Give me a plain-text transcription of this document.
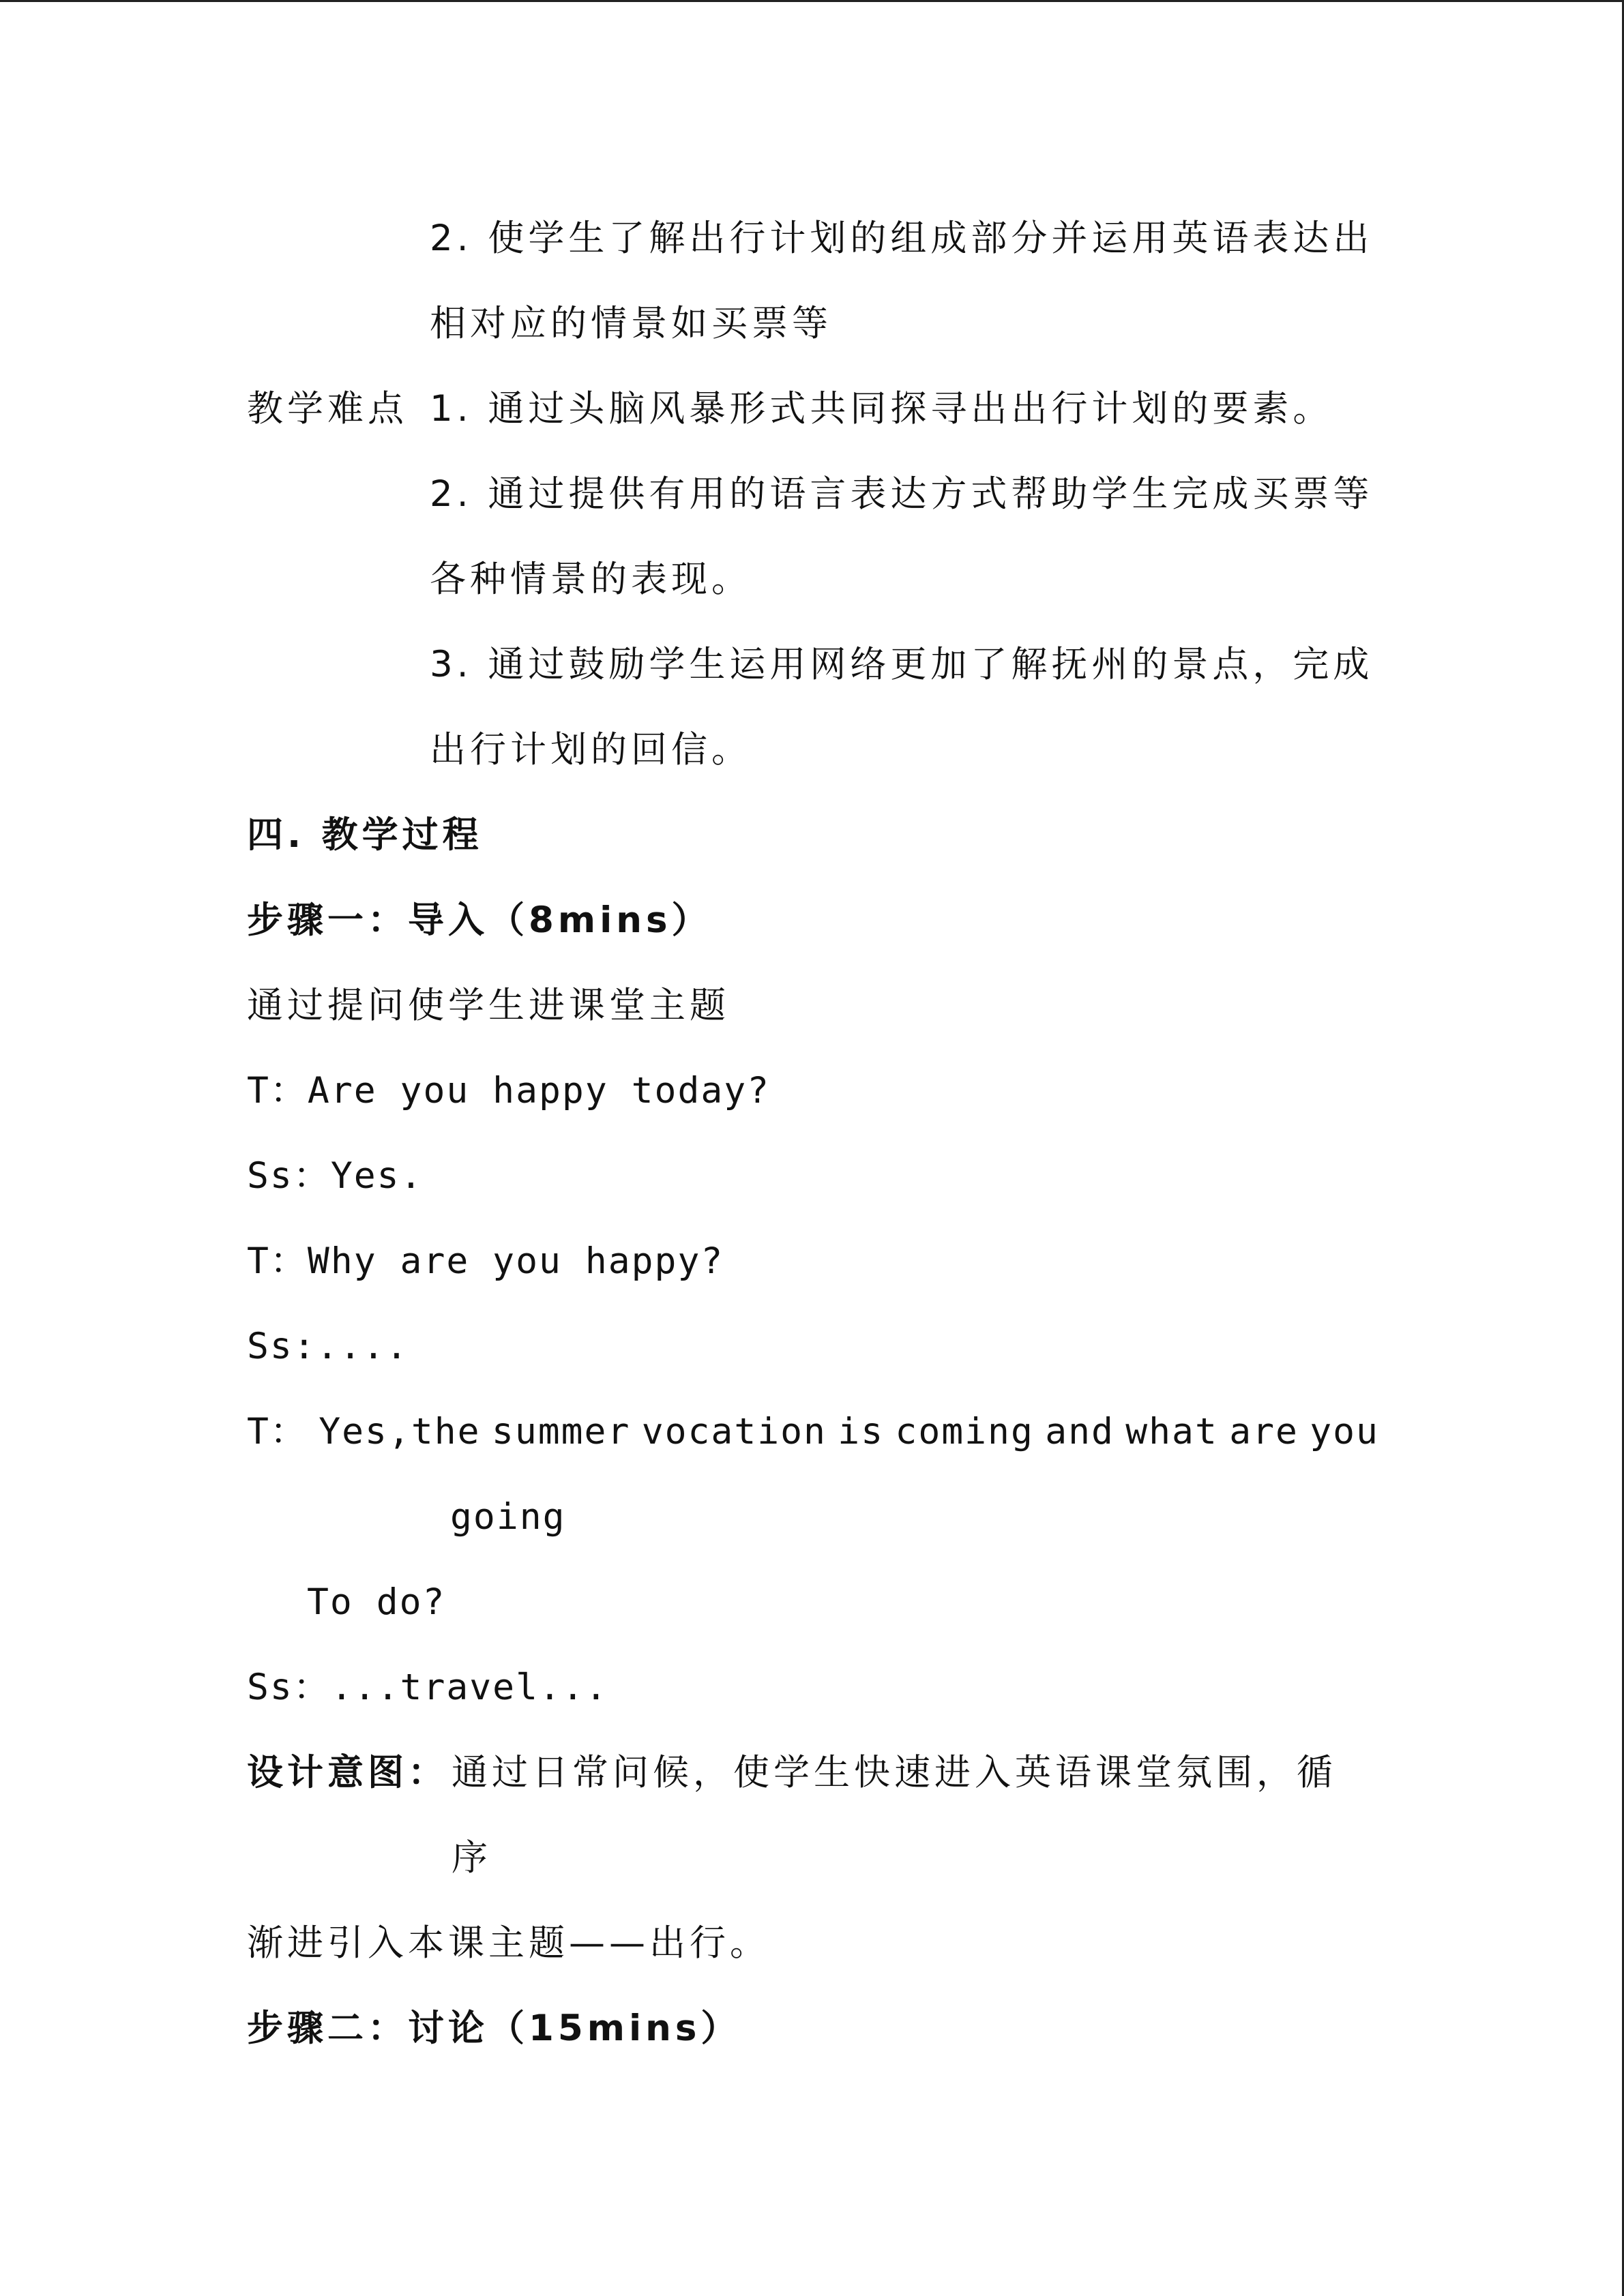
2. 使学生了解出行计划的组成部分并运用英语表达出
相对应的情景如买票等
教学难点 1. 通过头脑风暴形式共同探寻出出行计划的要素。
2. 通过提供有用的语言表达方式帮助学生完成买票等
各种情景的表现。
3. 通过鼓励学生运用网络更加了解抚州的景点，完成
出行计划的回信。
四. 教学过程
步骤一：导入（8mins）
通过提问使学生进课堂主题
T：Are you happy today?
Ss：Yes.
T：Why are you happy?
Ss:....
T： Yes,the summer vocation is coming and what are you
going
To do?
Ss：...travel...
设计意图： 通过日常问候，使学生快速进入英语课堂氛围，循
序
渐进引入本课主题——出行。
步骤二：讨论（15mins）
